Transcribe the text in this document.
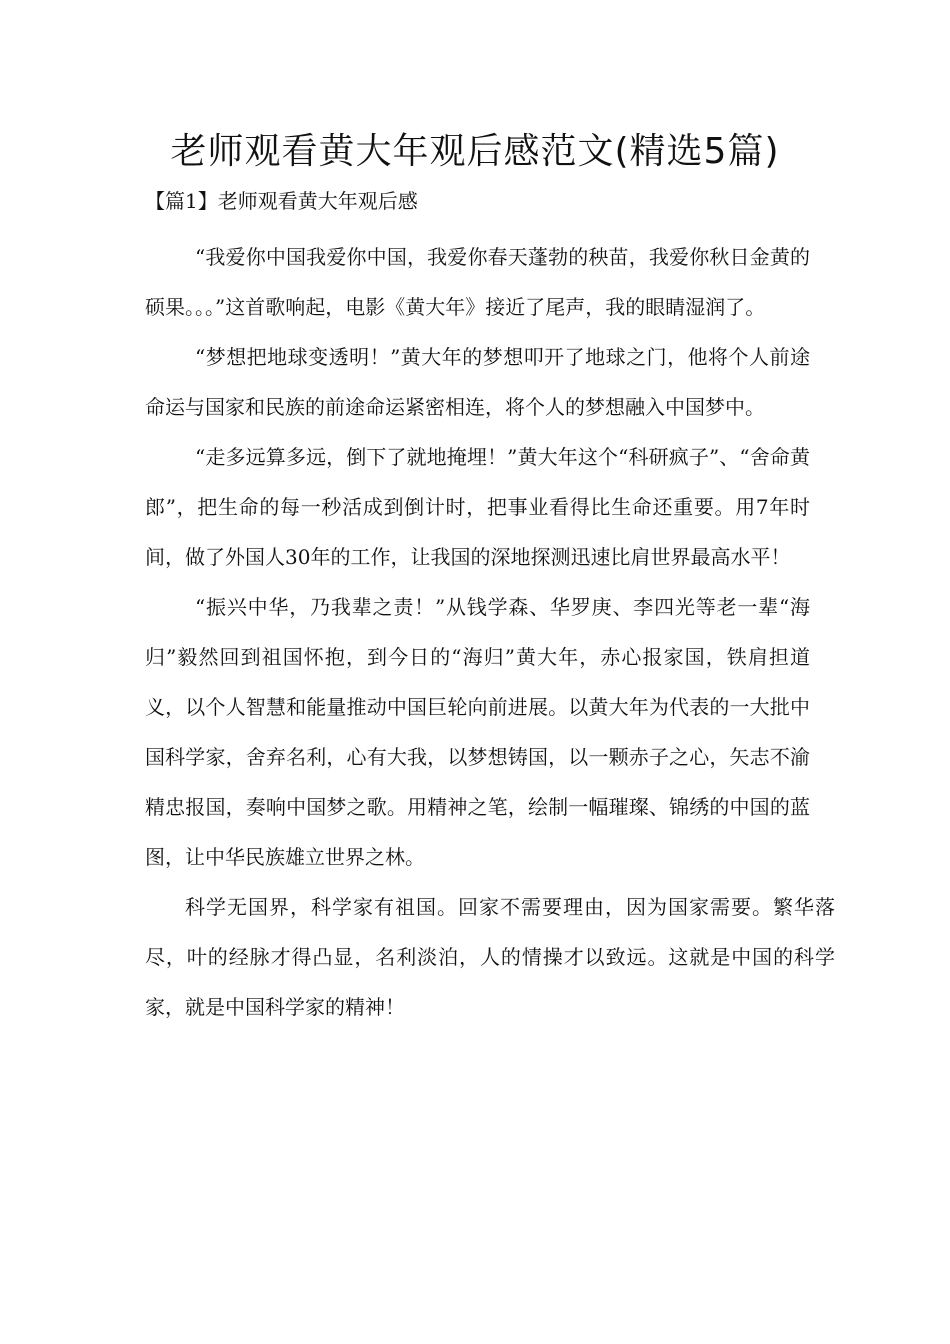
老师观看黄大年观后感范文(精选5篇)
【篇1】老师观看黄大年观后感

“我爱你中国我爱你中国，我爱你春天蓬勃的秧苗，我爱你秋日金黄的硕果。。。”这首歌响起，电影《黄大年》接近了尾声，我的眼睛湿润了。

“梦想把地球变透明！”黄大年的梦想叩开了地球之门，他将个人前途命运与国家和民族的前途命运紧密相连，将个人的梦想融入中国梦中。

“走多远算多远，倒下了就地掩埋！”黄大年这个“科研疯子”、“舍命黄郎”，把生命的每一秒活成到倒计时，把事业看得比生命还重要。用7年时间，做了外国人30年的工作，让我国的深地探测迅速比肩世界最高水平！

“振兴中华，乃我辈之责！”从钱学森、华罗庚、李四光等老一辈“海归”毅然回到祖国怀抱，到今日的“海归”黄大年，赤心报家国，铁肩担道义，以个人智慧和能量推动中国巨轮向前进展。以黄大年为代表的一大批中国科学家，舍弃名利，心有大我，以梦想铸国，以一颗赤子之心，矢志不渝精忠报国，奏响中国梦之歌。用精神之笔，绘制一幅璀璨、锦绣的中国的蓝图，让中华民族雄立世界之林。

科学无国界，科学家有祖国。回家不需要理由，因为国家需要。繁华落尽，叶的经脉才得凸显，名利淡泊，人的情操才以致远。这就是中国的科学家，就是中国科学家的精神！
